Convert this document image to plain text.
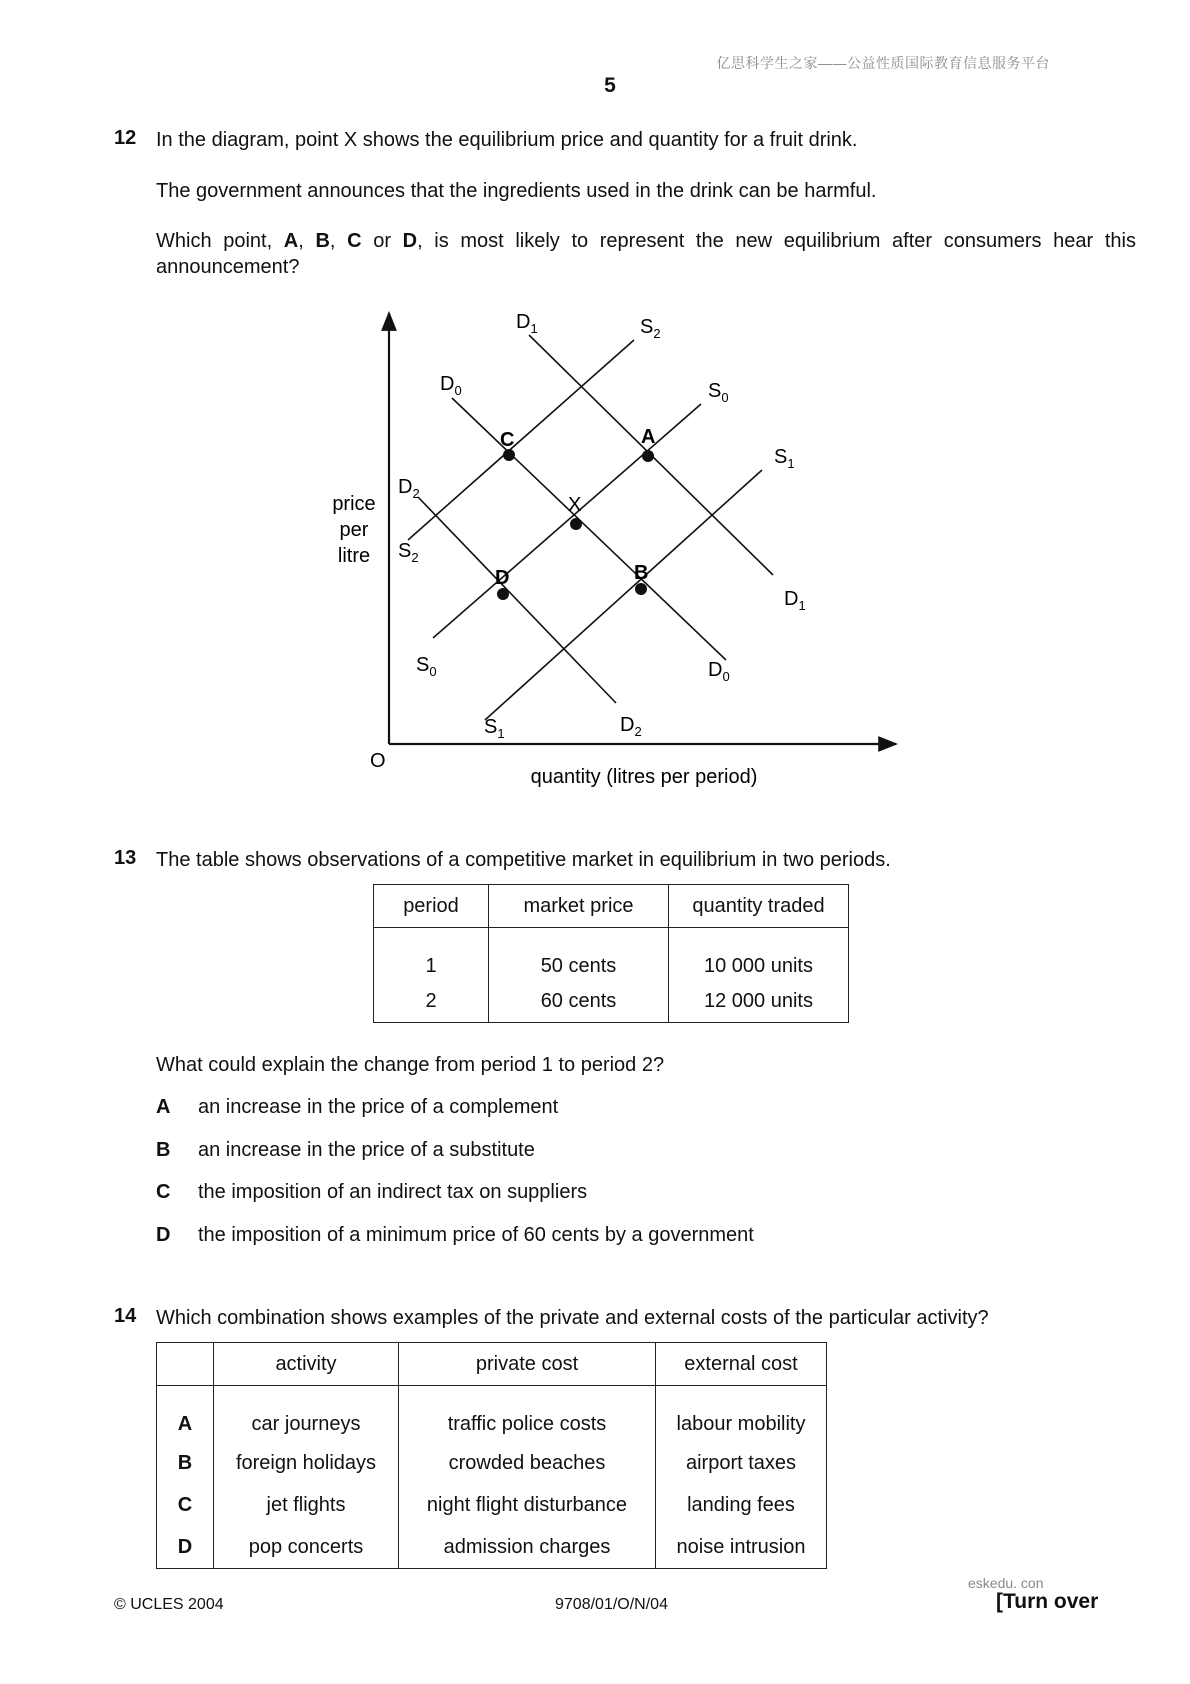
亿思科学生之家——公益性质国际教育信息服务平台
5
12 In the diagram, point X shows the equilibrium price and quantity for a fruit drink.
The government announces that the ingredients used in the drink can be harmful.
Which point, A, B, C or D, is most likely to represent the new equilibrium after consumers hear this announcement?
C	A
X
D	B
$D_1$	$S_2$
$D_0$	$S_0$
$S_1$
$D_2$
$S_2$
$S_0$
$S_1$	$D_2$
$D_0$
$D_1$
price
per
litre
O
quantity (litres per period)
13 The table shows observations of a competitive market in equilibrium in two periods.
period	market price	quantity traded
1	50 cents	10 000 units
2	60 cents	12 000 units
What could explain the change from period 1 to period 2?
A an increase in the price of a complement
B an increase in the price of a substitute
C the imposition of an indirect tax on suppliers
D the imposition of a minimum price of 60 cents by a government
14 Which combination shows examples of the private and external costs of the particular activity?
	activity	private cost	external cost
A	car journeys	traffic police costs	labour mobility
B	foreign holidays	crowded beaches	airport taxes
C	jet flights	night flight disturbance	landing fees
D	pop concerts	admission charges	noise intrusion
eskedu. con
© UCLES 2004	9708/01/O/N/04	[Turn over
